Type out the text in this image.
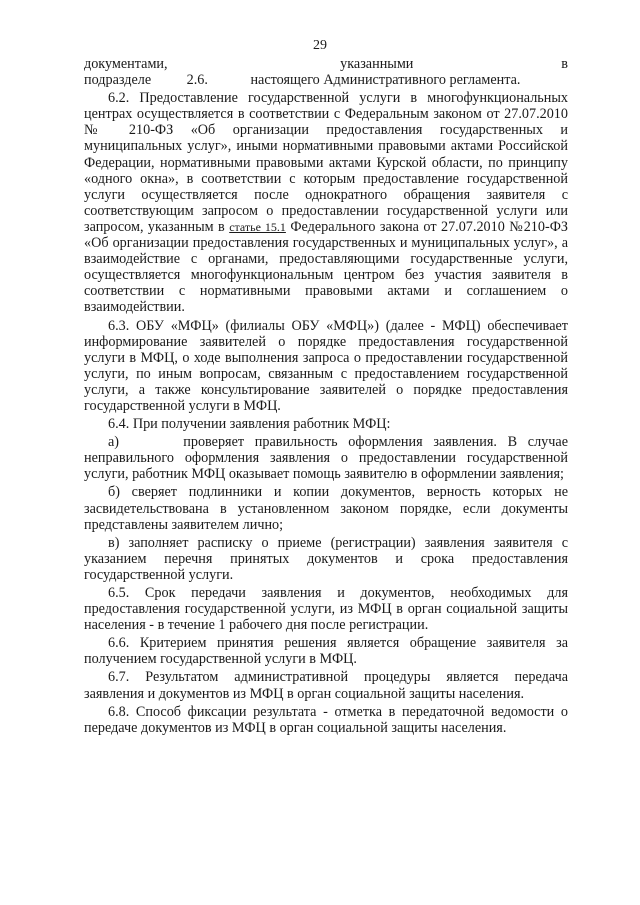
29

документами,              указанными            в подразделе          2.6.            настоящего Административного регламента.

6.2. Предоставление государственной услуги в многофункциональных центрах осуществляется в соответствии с Федеральным законом от 27.07.2010 № 210-ФЗ «Об организации предоставления государственных и муниципальных услуг», иными нормативными правовыми актами Российской Федерации, нормативными правовыми актами Курской области, по принципу «одного окна», в соответствии с которым предоставление государственной услуги осуществляется после однократного обращения заявителя с соответствующим запросом о предоставлении государственной услуги или запросом, указанным в статье 15.1 Федерального закона от 27.07.2010 №210-ФЗ «Об организации предоставления государственных и муниципальных услуг», а взаимодействие с органами, предоставляющими государственные услуги, осуществляется многофункциональным центром без участия заявителя в соответствии с нормативными правовыми актами и соглашением о взаимодействии.

6.3. ОБУ «МФЦ» (филиалы ОБУ «МФЦ») (далее - МФЦ) обеспечивает информирование заявителей о порядке предоставления государственной услуги в МФЦ, о ходе выполнения запроса о предоставлении государственной услуги, по иным вопросам, связанным с предоставлением государственной услуги, а также консультирование заявителей о порядке предоставления государственной услуги в МФЦ.

6.4. При получении заявления работник МФЦ:

а)      проверяет правильность оформления заявления. В случае неправильного оформления заявления о предоставлении государственной услуги, работник МФЦ оказывает помощь заявителю в оформлении заявления;

б) сверяет подлинники и копии документов, верность которых не засвидетельствована в установленном законом порядке, если документы представлены заявителем лично;

в) заполняет расписку о приеме (регистрации) заявления заявителя с указанием перечня принятых документов и срока предоставления государственной услуги.

6.5. Срок передачи заявления и документов, необходимых для предоставления государственной услуги, из МФЦ в орган социальной защиты населения - в течение 1 рабочего дня после регистрации.

6.6. Критерием принятия решения является обращение заявителя за получением государственной услуги в МФЦ.

6.7. Результатом административной процедуры является передача заявления и документов из МФЦ в орган социальной защиты населения.

6.8. Способ фиксации результата - отметка в передаточной ведомости о передаче документов из МФЦ в орган социальной защиты населения.
